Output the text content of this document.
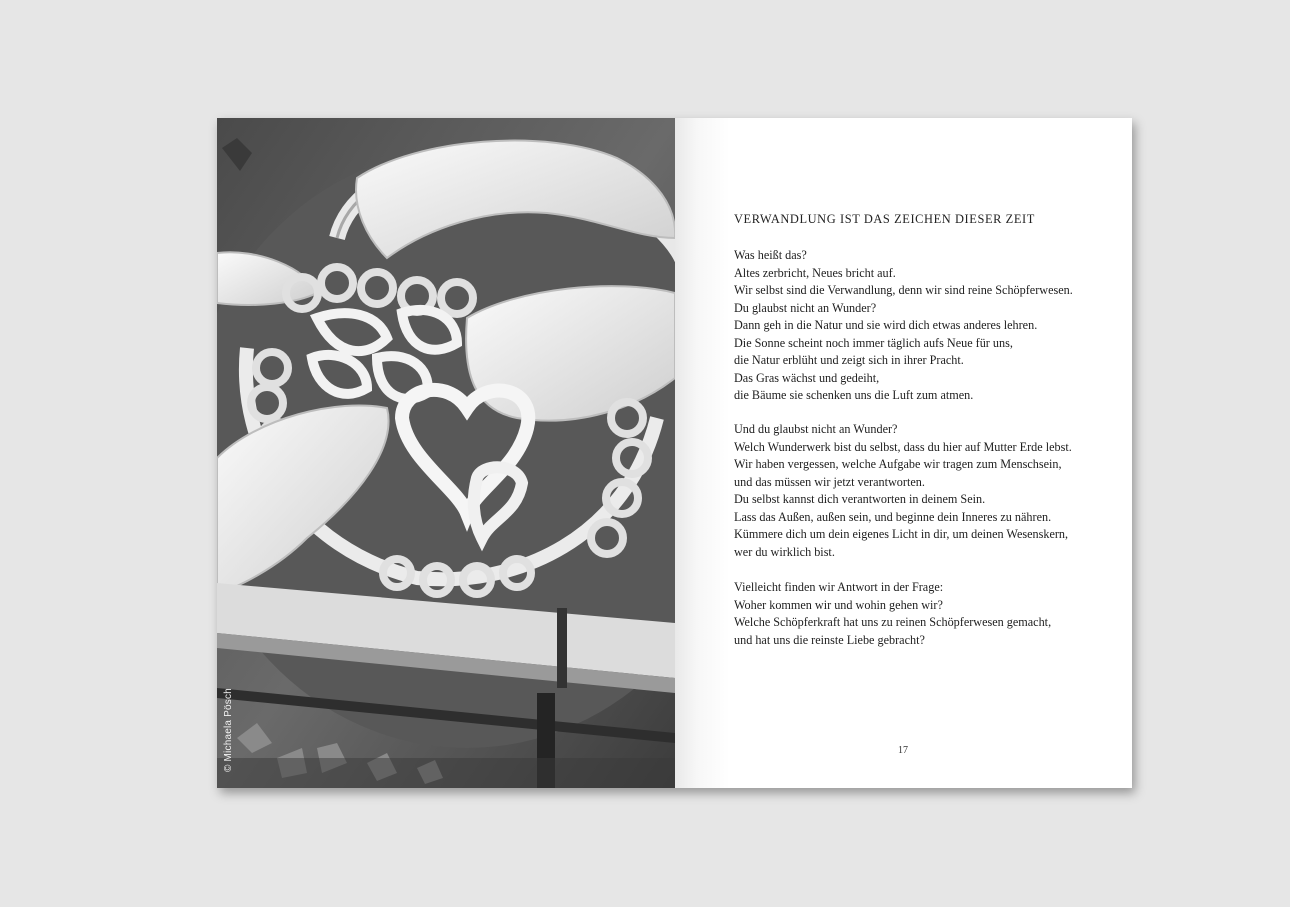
© Michaela Pösch
VERWANDLUNG IST DAS ZEICHEN DIESER ZEIT
Was heißt das?
Altes zerbricht, Neues bricht auf.
Wir selbst sind die Verwandlung, denn wir sind reine Schöpferwesen.
Du glaubst nicht an Wunder?
Dann geh in die Natur und sie wird dich etwas anderes lehren.
Die Sonne scheint noch immer täglich aufs Neue für uns,
die Natur erblüht und zeigt sich in ihrer Pracht.
Das Gras wächst und gedeiht,
die Bäume sie schenken uns die Luft zum atmen.
Und du glaubst nicht an Wunder?
Welch Wunderwerk bist du selbst, dass du hier auf Mutter Erde lebst.
Wir haben vergessen, welche Aufgabe wir tragen zum Menschsein,
und das müssen wir jetzt verantworten.
Du selbst kannst dich verantworten in deinem Sein.
Lass das Außen, außen sein, und beginne dein Inneres zu nähren.
Kümmere dich um dein eigenes Licht in dir, um deinen Wesenskern,
wer du wirklich bist.
Vielleicht finden wir Antwort in der Frage:
Woher kommen wir und wohin gehen wir?
Welche Schöpferkraft hat uns zu reinen Schöpferwesen gemacht,
und hat uns die reinste Liebe gebracht?
17
